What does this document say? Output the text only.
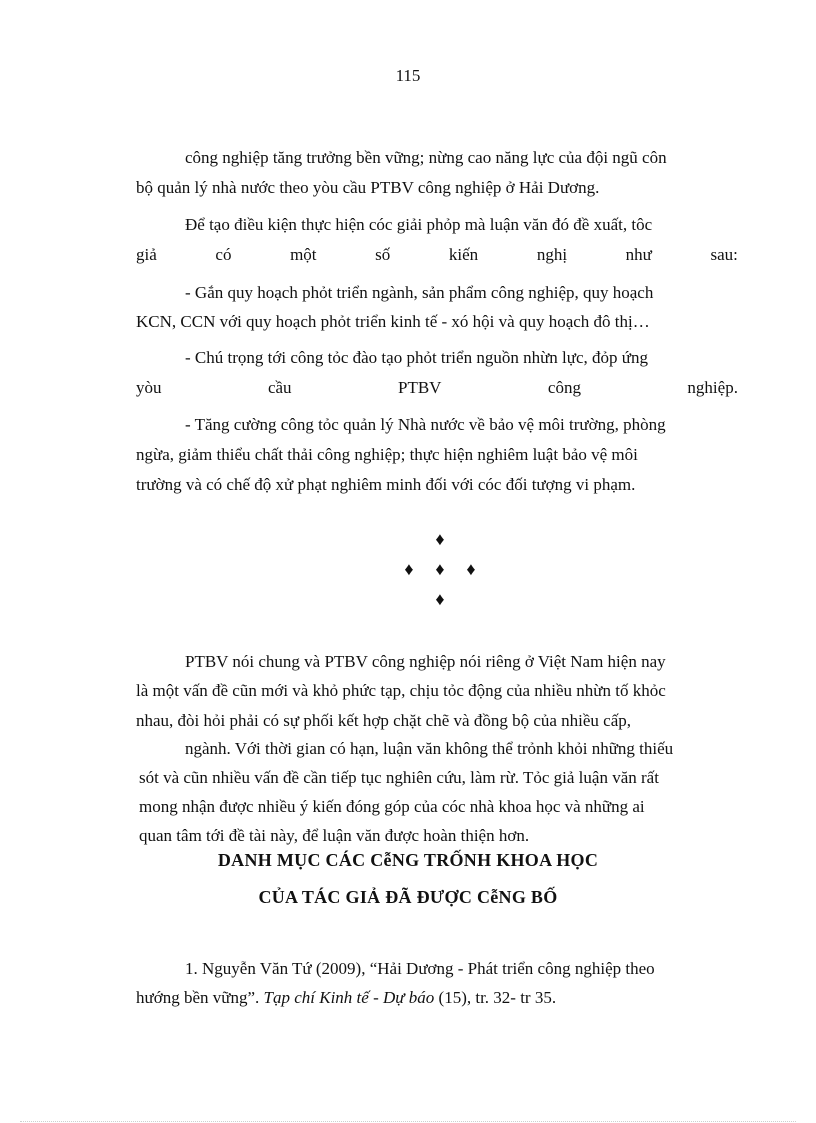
115
công nghiệp tăng trưởng bền vững; nừng cao năng lực của đội ngũ côn
bộ quản lý nhà nước theo yòu cầu PTBV công nghiệp ở Hải Dương.
Để tạo điều kiện thực hiện cóc giải phỏp mà luận văn đó đề xuất, tôc
giả	có	một	số	kiến	nghị	như	sau:
- Gắn quy hoạch phỏt triển ngành, sản phẩm công nghiệp, quy hoạch
KCN, CCN với quy hoạch phỏt triển kinh tế - xó hội và quy hoạch đô thị…
- Chú trọng tới công tỏc đào tạo phỏt triển nguồn nhừn lực, đỏp ứng
yòu	cầu	PTBV	công	nghiệp.
- Tăng cường công tỏc quản lý Nhà nước về bảo vệ môi trường, phòng
ngừa, giảm thiểu chất thải công nghiệp; thực hiện nghiêm luật bảo vệ môi
trường và có chế độ xử phạt nghiêm minh đối với cóc đối tượng vi phạm.
♦
♦	♦	♦
♦
PTBV nói chung và PTBV công nghiệp nói riêng ở Việt Nam hiện nay
là một vấn đề cũn mới và khỏ phức tạp, chịu tỏc động của nhiều nhừn tố khỏc
nhau, đòi hỏi phải có sự phối kết hợp chặt chẽ và đồng bộ của nhiều cấp,
ngành. Với thời gian có hạn, luận văn không thể trỏnh khỏi những thiếu
sót và cũn nhiều vấn đề cần tiếp tục nghiên cứu, làm rừ. Tỏc giả luận văn rất
mong nhận được nhiều ý kiến đóng góp của cóc nhà khoa học và những ai
quan tâm tới đề tài này, để luận văn được hoàn thiện hơn.
DANH MỤC CÁC CễNG TRỐNH KHOA HỌC
CỦA TÁC GIẢ ĐÃ ĐƯỢC CễNG BỐ
1. Nguyễn Văn Tứ (2009), “Hải Dương - Phát triển công nghiệp theo
hướng bền vững”. Tạp chí Kinh tế - Dự báo (15), tr. 32- tr 35.
